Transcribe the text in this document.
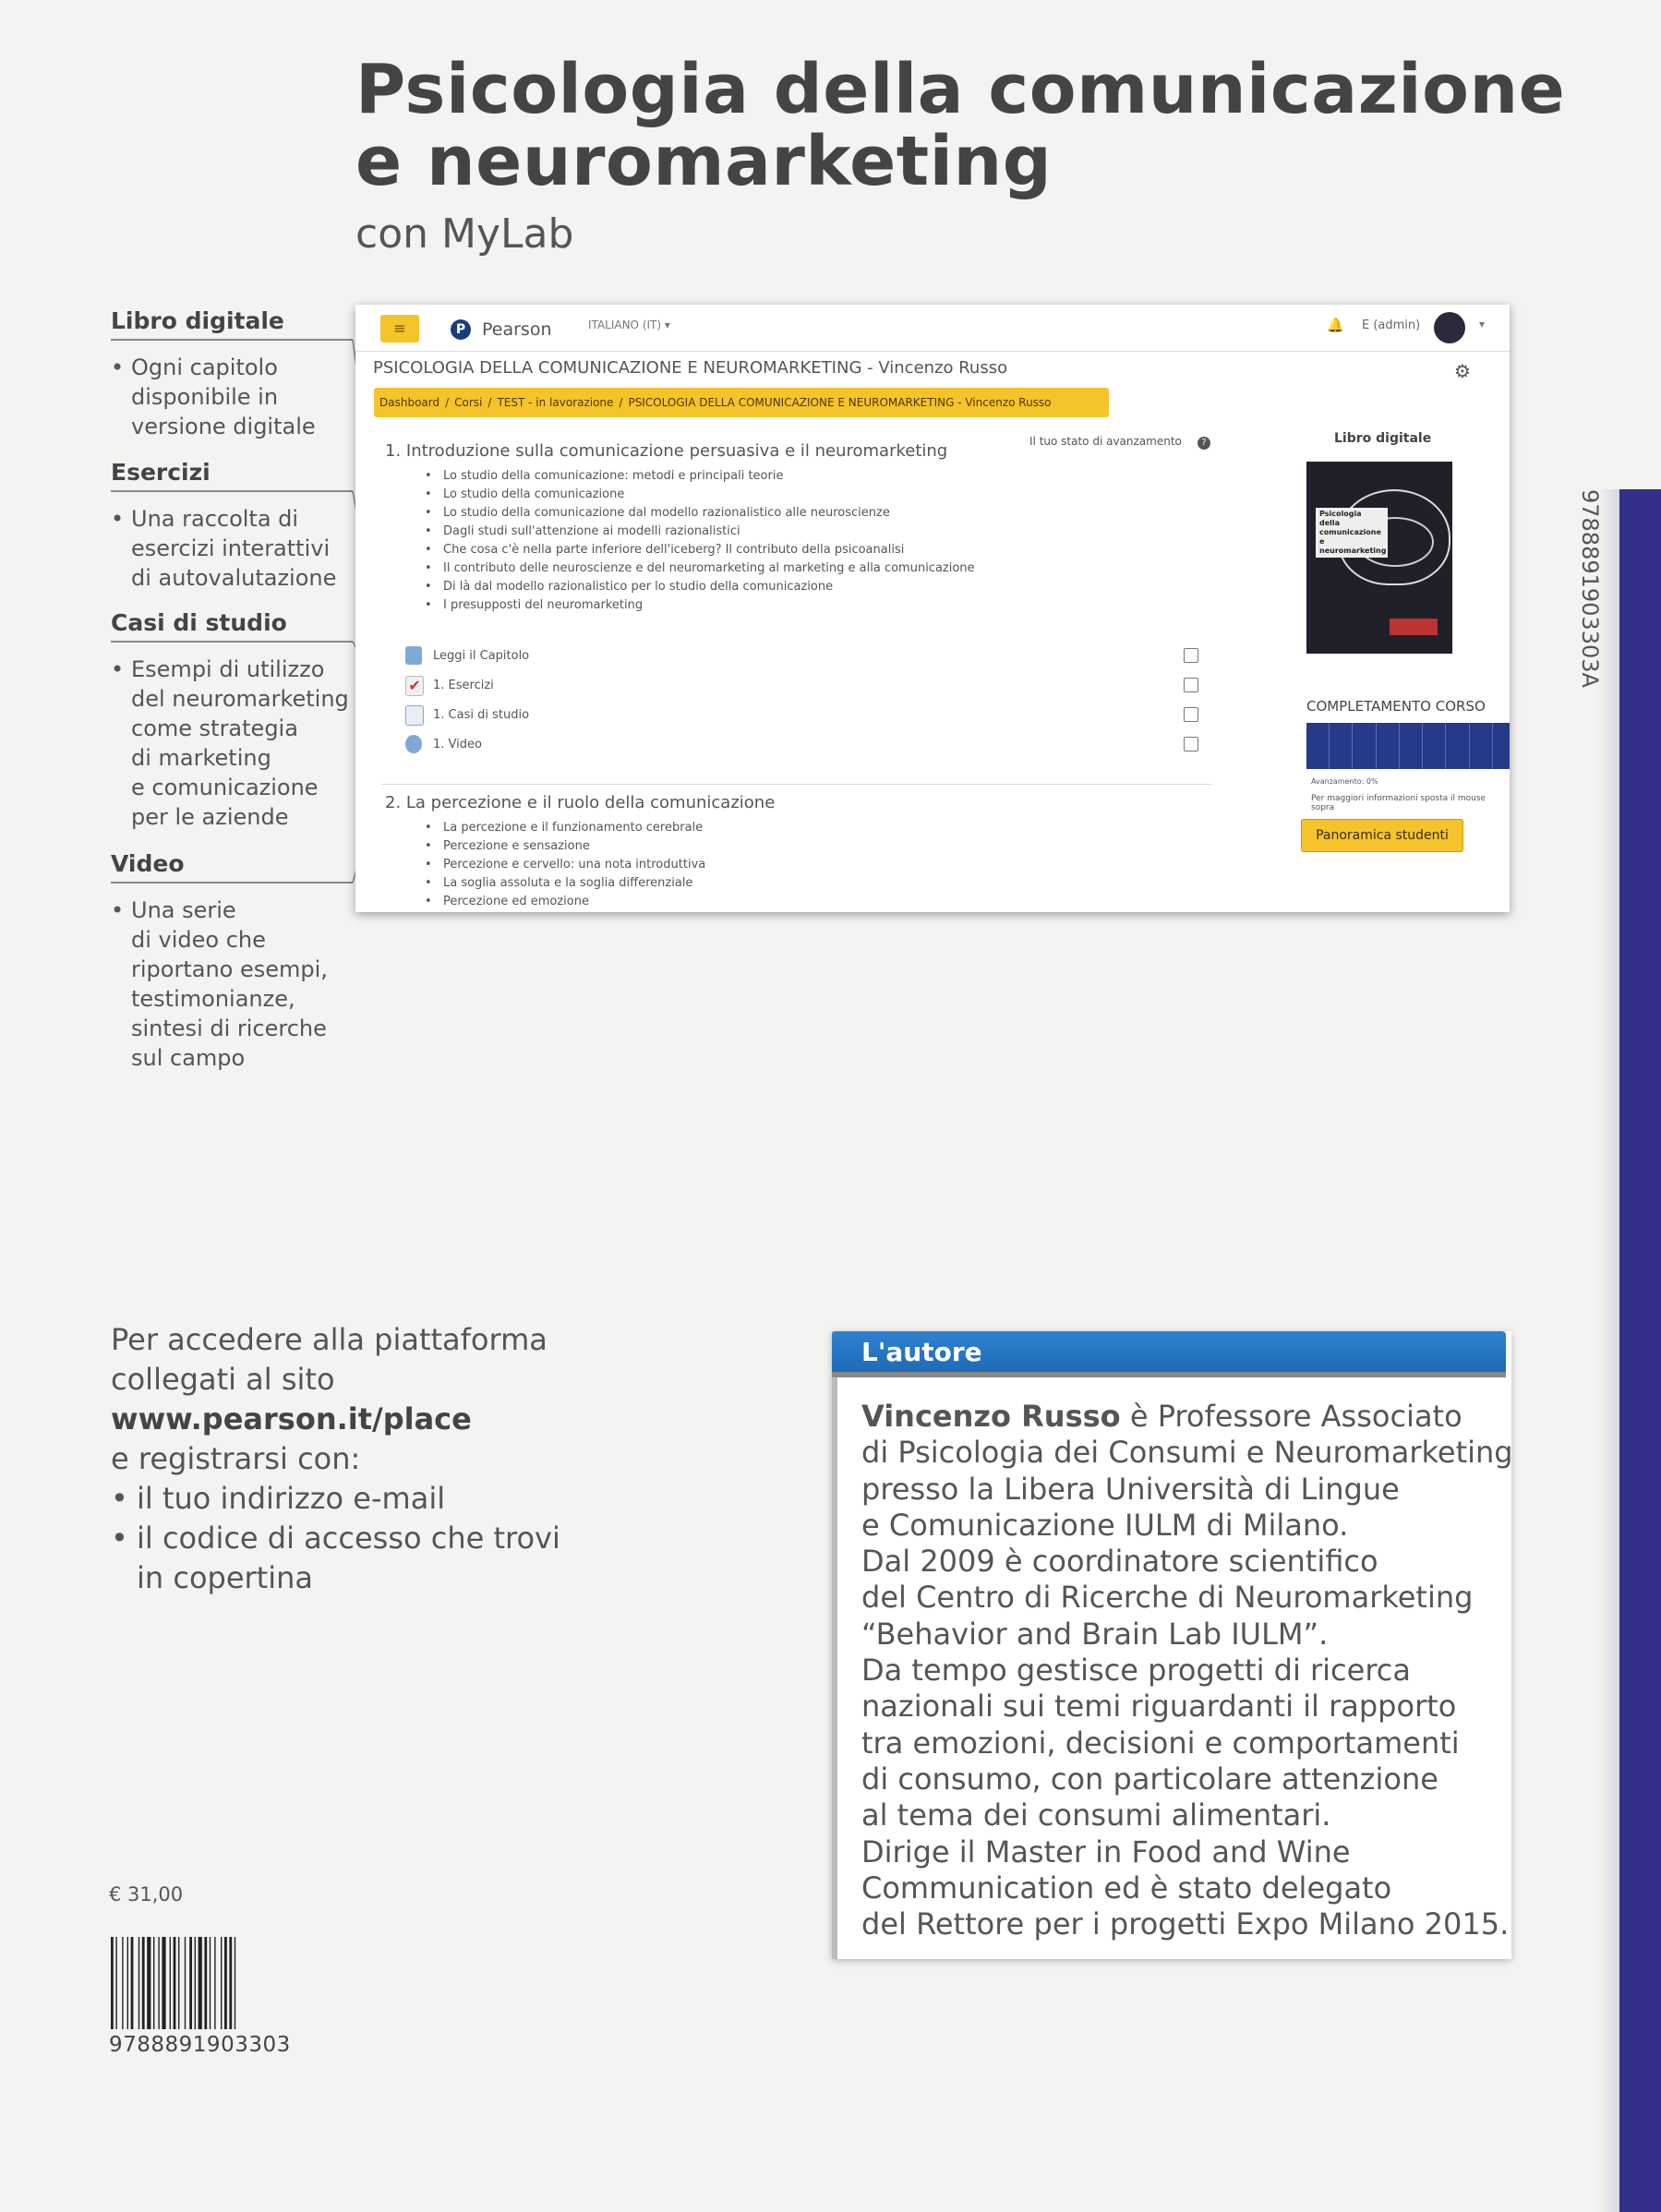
Psicologia della comunicazione
e neuromarketing
con MyLab
Libro digitale
• Ogni capitolo
disponibile in
versione digitale
Esercizi
• Una raccolta di
esercizi interattivi
di autovalutazione
Casi di studio
• Esempi di utilizzo
del neuromarketing
come strategia
di marketing
e comunicazione
per le aziende
Video
• Una serie
di video che
riportano esempi,
testimonianze,
sintesi di ricerche
sul campo
≡	P Pearson	ITALIANO (IT) ▾	🔔 E (admin)	▾
PSICOLOGIA DELLA COMUNICAZIONE E NEUROMARKETING - Vincenzo Russo	⚙
Dashboard / Corsi / TEST - in lavorazione / PSICOLOGIA DELLA COMUNICAZIONE E NEUROMARKETING - Vincenzo Russo
Il tuo stato di avanzamento	?
1. Introduzione sulla comunicazione persuasiva e il neuromarketing
• Lo studio della comunicazione: metodi e principali teorie
• Lo studio della comunicazione
• Lo studio della comunicazione dal modello razionalistico alle neuroscienze
• Dagli studi sull'attenzione ai modelli razionalistici
• Che cosa c'è nella parte inferiore dell'iceberg? Il contributo della psicoanalisi
• Il contributo delle neuroscienze e del neuromarketing al marketing e alla comunicazione
• Di là dal modello razionalistico per lo studio della comunicazione
• I presupposti del neuromarketing
Leggi il Capitolo
✔ 1. Esercizi
1. Casi di studio
1. Video
2. La percezione e il ruolo della comunicazione
• La percezione e il funzionamento cerebrale
• Percezione e sensazione
• Percezione e cervello: una nota introduttiva
• La soglia assoluta e la soglia differenziale
• Percezione ed emozione
Libro digitale
Psicologia della comunicazione e neuromarketing
COMPLETAMENTO CORSO
Avanzamento: 0%
Per maggiori informazioni sposta il mouse sopra
Panoramica studenti
Per accedere alla piattaforma
collegati al sito
www.pearson.it/place
e registrarsi con:
• il tuo indirizzo e-mail
• il codice di accesso che trovi
in copertina
L'autore
Vincenzo Russo è Professore Associato
di Psicologia dei Consumi e Neuromarketing
presso la Libera Università di Lingue
e Comunicazione IULM di Milano.
Dal 2009 è coordinatore scientifico
del Centro di Ricerche di Neuromarketing
“Behavior and Brain Lab IULM”.
Da tempo gestisce progetti di ricerca
nazionali sui temi riguardanti il rapporto
tra emozioni, decisioni e comportamenti
di consumo, con particolare attenzione
al tema dei consumi alimentari.
Dirige il Master in Food and Wine
Communication ed è stato delegato
del Rettore per i progetti Expo Milano 2015.
€ 31,00
9788891903303
9788891903303A
